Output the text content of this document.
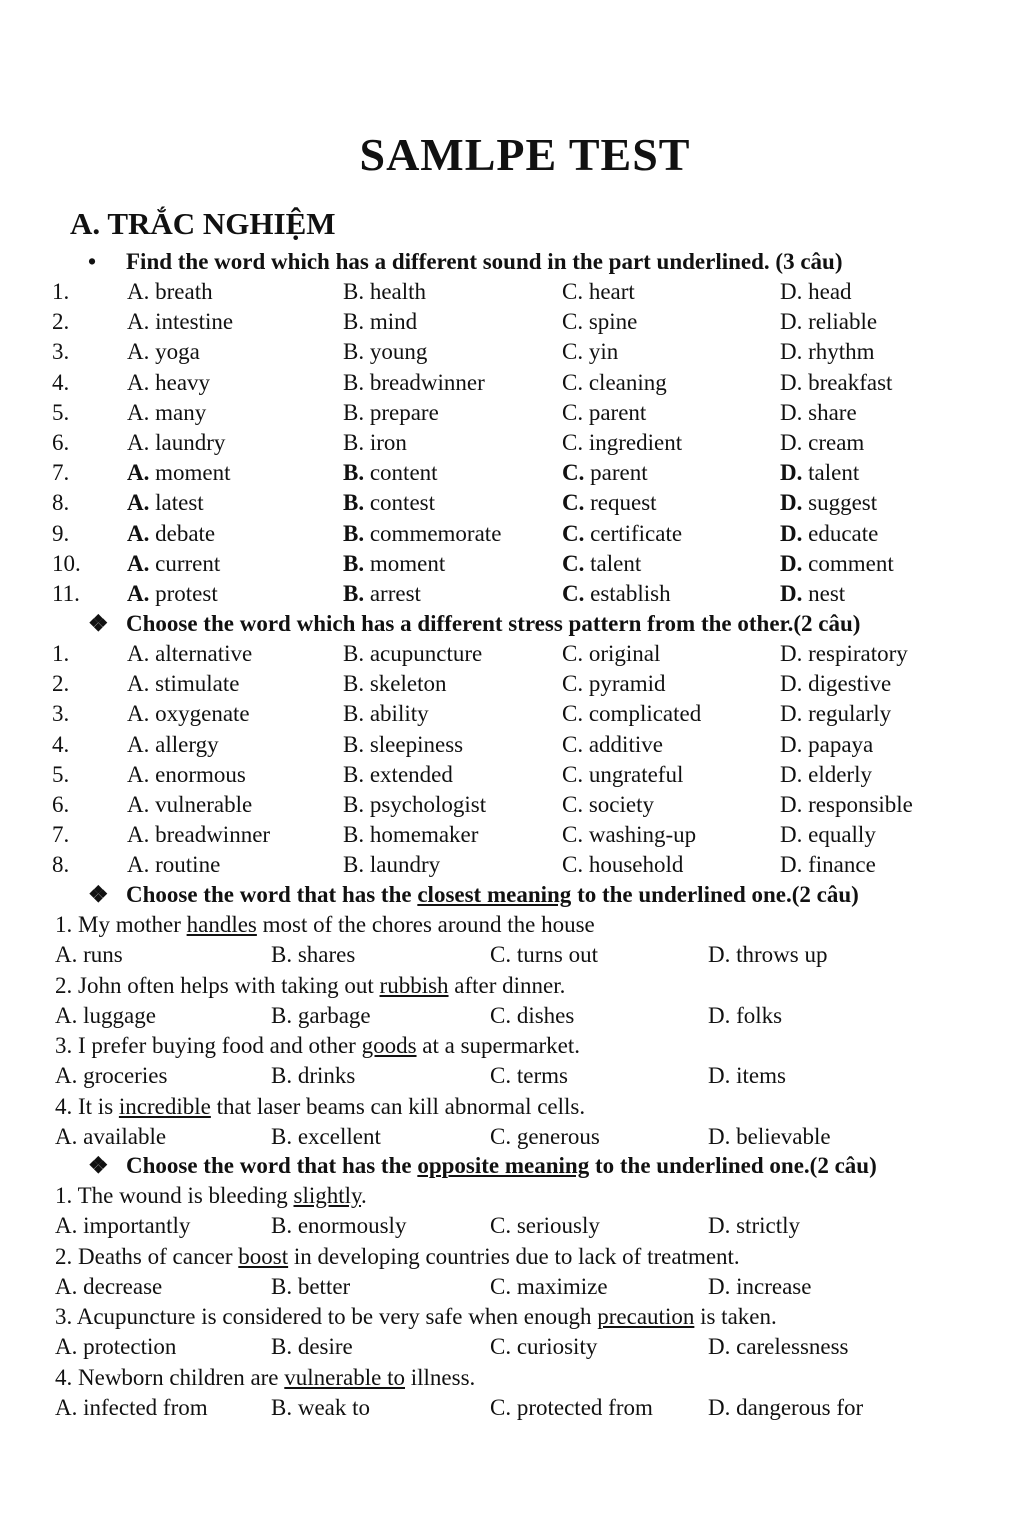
SAMLPE TEST
A. TRẮC NGHIỆM
• Find the word which has a different sound in the part underlined. (3 câu)
1.	A. breath	B. health	C. heart	D. head
2.	A. intestine	B. mind	C. spine	D. reliable
3.	A. yoga	B. young	C. yin	D. rhythm
4.	A. heavy	B. breadwinner	C. cleaning	D. breakfast
5.	A. many	B. prepare	C. parent	D. share
6.	A. laundry	B. iron	C. ingredient	D. cream
7.	A. moment	B. content	C. parent	D. talent
8.	A. latest	B. contest	C. request	D. suggest
9.	A. debate	B. commemorate	C. certificate	D. educate
10. A. current	B. moment	C. talent	D. comment
11. A. protest	B. arrest	C. establish	D. nest
❖ Choose the word which has a different stress pattern from the other.(2 câu)
1.	A. alternative	B. acupuncture	C. original	D. respiratory
2.	A. stimulate	B. skeleton	C. pyramid	D. digestive
3.	A. oxygenate	B. ability	C. complicated	D. regularly
4.	A. allergy	B. sleepiness	C. additive	D. papaya
5.	A. enormous	B. extended	C. ungrateful	D. elderly
6.	A. vulnerable	B. psychologist	C. society	D. responsible
7.	A. breadwinner	B. homemaker	C. washing-up	D. equally
8.	A. routine	B. laundry	C. household	D. finance
❖ Choose the word that has the closest meaning to the underlined one.(2 câu)
1. My mother handles most of the chores around the house
A. runs	B. shares	C. turns out	D. throws up
2. John often helps with taking out rubbish after dinner.
A. luggage	B. garbage	C. dishes	D. folks
3. I prefer buying food and other goods at a supermarket.
A. groceries	B. drinks	C. terms	D. items
4. It is incredible that laser beams can kill abnormal cells.
A. available	B. excellent	C. generous	D. believable
❖ Choose the word that has the opposite meaning to the underlined one.(2 câu)
1. The wound is bleeding slightly.
A. importantly	B. enormously	C. seriously	D. strictly
2. Deaths of cancer boost in developing countries due to lack of treatment.
A. decrease	B. better	C. maximize	D. increase
3. Acupuncture is considered to be very safe when enough precaution is taken.
A. protection	B. desire	C. curiosity	D. carelessness
4. Newborn children are vulnerable to illness.
A. infected from	B. weak to	C. protected from D. dangerous for
